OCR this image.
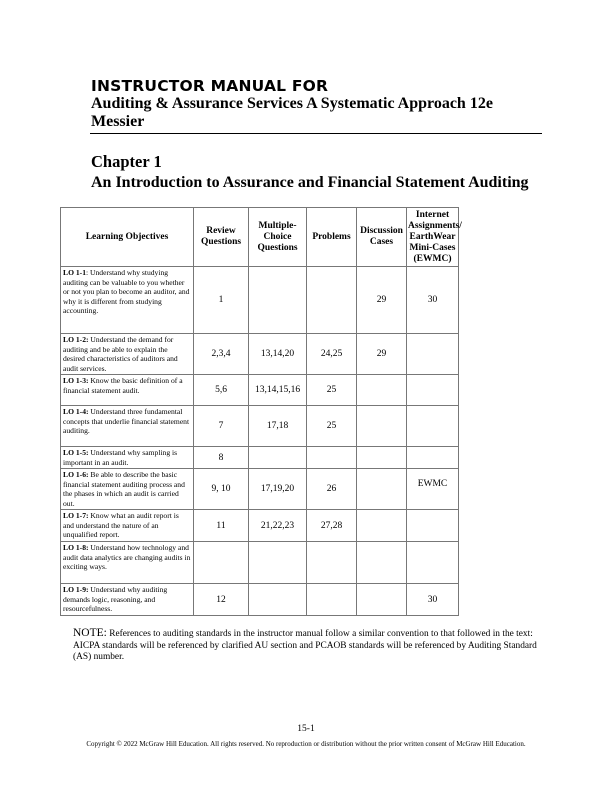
INSTRUCTOR MANUAL FOR
Auditing & Assurance Services A Systematic Approach 12e Messier
Chapter 1
An Introduction to Assurance and Financial Statement Auditing
Learning Objectives	Review Questions	Multiple-Choice Questions	Problems	Discussion Cases	Internet Assignments/ EarthWear Mini-Cases (EWMC)
LO 1-1: Understand why studying auditing can be valuable to you whether or not you plan to become an auditor, and why it is different from studying accounting.	1			29	30
LO 1-2: Understand the demand for auditing and be able to explain the desired characteristics of auditors and audit services.	2,3,4	13,14,20	24,25	29	
LO 1-3: Know the basic definition of a financial statement audit.	5,6	13,14,15,16	25		
LO 1-4: Understand three fundamental concepts that underlie financial statement auditing.	7	17,18	25		
LO 1-5: Understand why sampling is important in an audit.	8				
LO 1-6: Be able to describe the basic financial statement auditing process and the phases in which an audit is carried out.	9, 10	17,19,20	26		EWMC
LO 1-7: Know what an audit report is and understand the nature of an unqualified report.	11	21,22,23	27,28		
LO 1-8: Understand how technology and audit data analytics are changing audits in exciting ways.					
LO 1-9: Understand why auditing demands logic, reasoning, and resourcefulness.	12				30
NOTE: References to auditing standards in the instructor manual follow a similar convention to that followed in the text: AICPA standards will be referenced by clarified AU section and PCAOB standards will be referenced by Auditing Standard (AS) number.
15-1
Copyright © 2022 McGraw Hill Education. All rights reserved. No reproduction or distribution without the prior written consent of McGraw Hill Education.
